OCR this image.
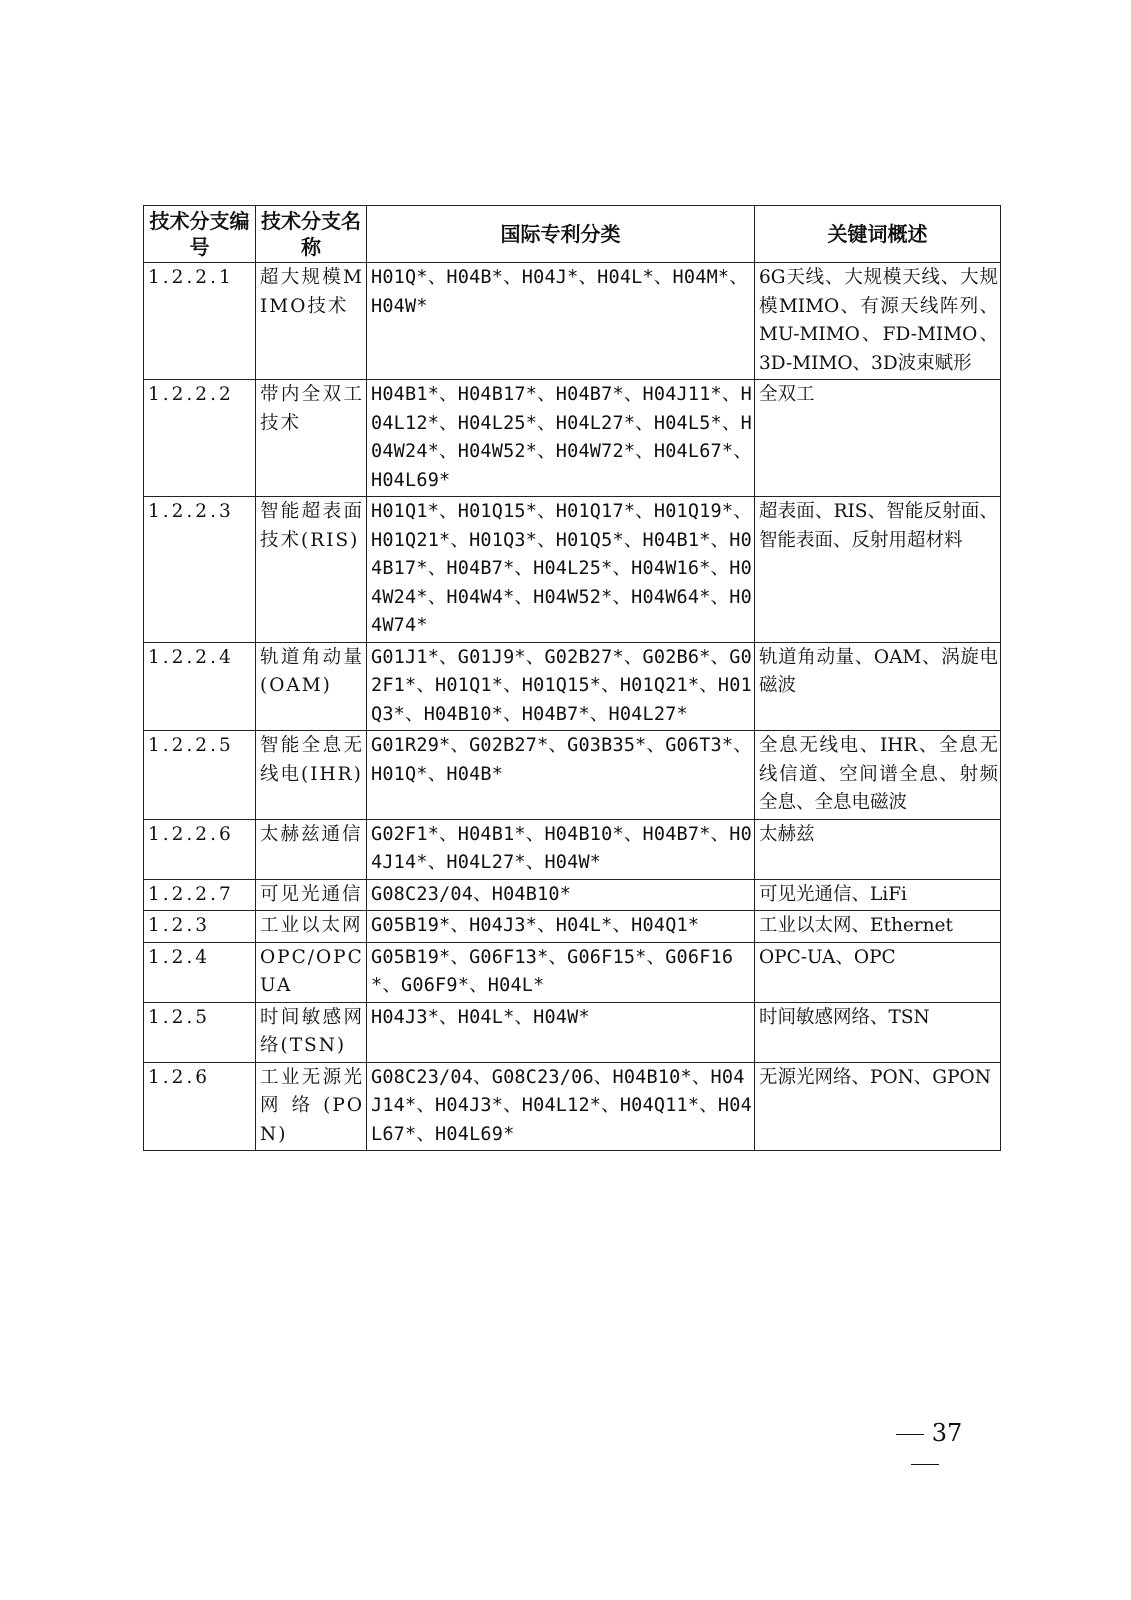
技术分支编号	技术分支名称	国际专利分类	关键词概述
1.2.2.1	超大规模MIMO技术	H01Q*、H04B*、H04J*、H04L*、H04M*、H04W*	6G天线、大规模天线、大规模MIMO、有源天线阵列、MU-MIMO、FD-MIMO、3D-MIMO、3D波束赋形
1.2.2.2	带内全双工技术	H04B1*、H04B17*、H04B7*、H04J11*、H04L12*、H04L25*、H04L27*、H04L5*、H04W24*、H04W52*、H04W72*、H04L67*、H04L69*	全双工
1.2.2.3	智能超表面技术(RIS)	H01Q1*、H01Q15*、H01Q17*、H01Q19*、H01Q21*、H01Q3*、H01Q5*、H04B1*、H04B17*、H04B7*、H04L25*、H04W16*、H04W24*、H04W4*、H04W52*、H04W64*、H04W74*	超表面、RIS、智能反射面、智能表面、反射用超材料
1.2.2.4	轨道角动量(OAM)	G01J1*、G01J9*、G02B27*、G02B6*、G02F1*、H01Q1*、H01Q15*、H01Q21*、H01Q3*、H04B10*、H04B7*、H04L27*	轨道角动量、OAM、涡旋电磁波
1.2.2.5	智能全息无线电(IHR)	G01R29*、G02B27*、G03B35*、G06T3*、H01Q*、H04B*	全息无线电、IHR、全息无线信道、空间谱全息、射频全息、全息电磁波
1.2.2.6	太赫兹通信	G02F1*、H04B1*、H04B10*、H04B7*、H04J14*、H04L27*、H04W*	太赫兹
1.2.2.7	可见光通信	G08C23/04、H04B10*	可见光通信、LiFi
1.2.3	工业以太网	G05B19*、H04J3*、H04L*、H04Q1*	工业以太网、Ethernet
1.2.4	OPC/OPCUA	G05B19*、G06F13*、G06F15*、G06F16*、G06F9*、H04L*	OPC-UA、OPC
1.2.5	时间敏感网络(TSN)	H04J3*、H04L*、H04W*	时间敏感网络、TSN
1.2.6	工业无源光网络(PON)	G08C23/04、G08C23/06、H04B10*、H04J14*、H04J3*、H04L12*、H04Q11*、H04L67*、H04L69*	无源光网络、PON、GPON
37
